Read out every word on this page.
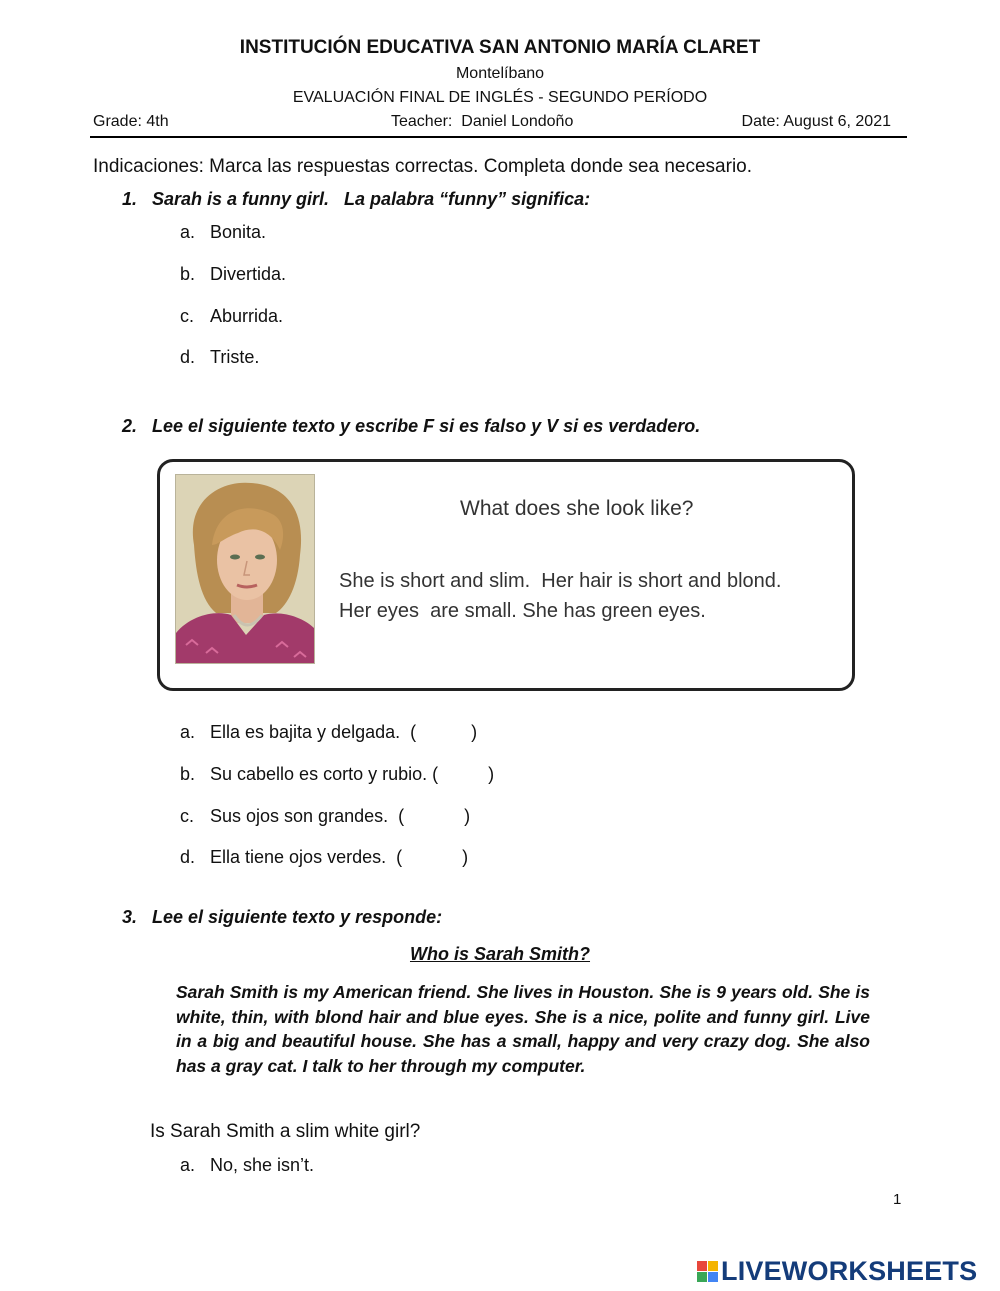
INSTITUCIÓN EDUCATIVA SAN ANTONIO MARÍA CLARET
Montelíbano
EVALUACIÓN FINAL DE INGLÉS - SEGUNDO PERÍODO
Grade: 4th	Teacher:  Daniel Londoño	Date: August 6, 2021
Indicaciones: Marca las respuestas correctas. Completa donde sea necesario.
1. Sarah is a funny girl.   La palabra “funny” significa:
a. Bonita.
b. Divertida.
c. Aburrida.
d. Triste.
2. Lee el siguiente texto y escribe F si es falso y V si es verdadero.
What does she look like?
She is short and slim.  Her hair is short and blond.
Her eyes  are small. She has green eyes.
a. Ella es bajita y delgada.  (           )
b. Su cabello es corto y rubio. (          )
c. Sus ojos son grandes.  (            )
d. Ella tiene ojos verdes.  (            )
3. Lee el siguiente texto y responde:
Who is Sarah Smith?
Sarah Smith is my American friend. She lives in Houston. She is 9 years old. She is white, thin, with blond hair and blue eyes. She is a nice, polite and funny girl. Live in a big and beautiful house. She has a small, happy and very crazy dog. She also has a gray cat. I talk to her through my computer.
Is Sarah Smith a slim white girl?
a. No, she isn’t.
1
LIVEWORKSHEETS
